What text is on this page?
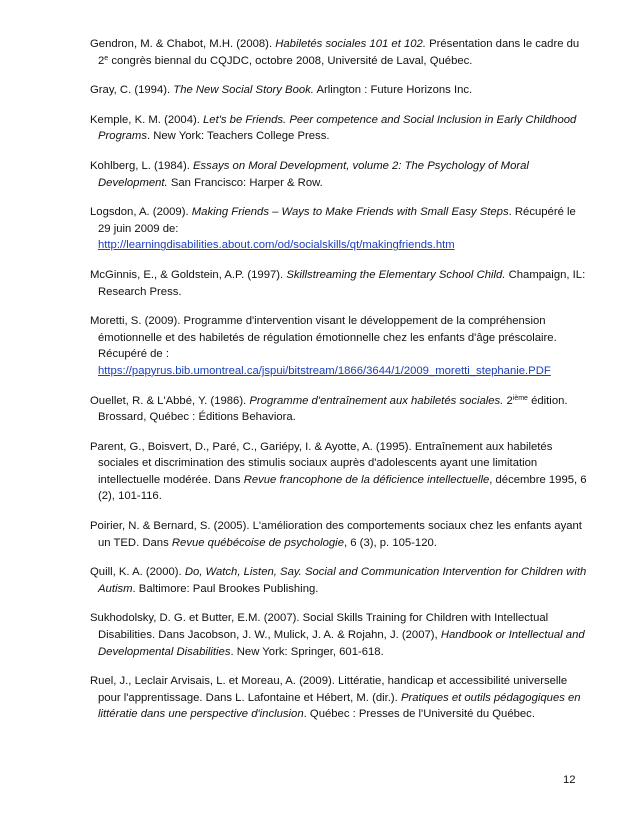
Gendron, M. & Chabot, M.H. (2008). Habiletés sociales 101 et 102. Présentation dans le cadre du 2e congrès biennal du CQJDC, octobre 2008, Université de Laval, Québec.

Gray, C. (1994). The New Social Story Book. Arlington : Future Horizons Inc.

Kemple, K. M. (2004). Let's be Friends. Peer competence and Social Inclusion in Early Childhood Programs. New York: Teachers College Press.

Kohlberg, L. (1984). Essays on Moral Development, volume 2: The Psychology of Moral Development. San Francisco: Harper & Row.

Logsdon, A. (2009). Making Friends – Ways to Make Friends with Small Easy Steps. Récupéré le 29 juin 2009 de:
http://learningdisabilities.about.com/od/socialskills/qt/makingfriends.htm

McGinnis, E., & Goldstein, A.P. (1997). Skillstreaming the Elementary School Child. Champaign, IL: Research Press.

Moretti, S. (2009). Programme d'intervention visant le développement de la compréhension émotionnelle et des habiletés de régulation émotionnelle chez les enfants d'âge préscolaire. Récupéré de :
https://papyrus.bib.umontreal.ca/jspui/bitstream/1866/3644/1/2009_moretti_stephanie.PDF

Ouellet, R. & L'Abbé, Y. (1986). Programme d'entraînement aux habiletés sociales. 2ième édition. Brossard, Québec : Éditions Behaviora.

Parent, G., Boisvert, D., Paré, C., Gariépy, I. & Ayotte, A. (1995). Entraînement aux habiletés sociales et discrimination des stimulis sociaux auprès d'adolescents ayant une limitation intellectuelle modérée. Dans Revue francophone de la déficience intellectuelle, décembre 1995, 6 (2), 101-116.

Poirier, N. & Bernard, S. (2005). L'amélioration des comportements sociaux chez les enfants ayant un TED. Dans Revue québécoise de psychologie, 6 (3), p. 105-120.

Quill, K. A. (2000). Do, Watch, Listen, Say. Social and Communication Intervention for Children with Autism. Baltimore: Paul Brookes Publishing.

Sukhodolsky, D. G. et Butter, E.M. (2007). Social Skills Training for Children with Intellectual Disabilities. Dans Jacobson, J. W., Mulick, J. A. & Rojahn, J. (2007), Handbook or Intellectual and Developmental Disabilities. New York: Springer, 601-618.

Ruel, J., Leclair Arvisais, L. et Moreau, A. (2009). Littératie, handicap et accessibilité universelle pour l'apprentissage. Dans L. Lafontaine et Hébert, M. (dir.). Pratiques et outils pédagogiques en littératie dans une perspective d'inclusion. Québec : Presses de l'Université du Québec.

12
